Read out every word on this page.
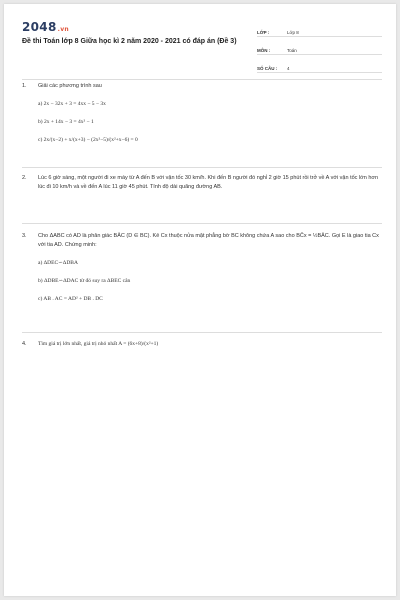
2048.vn
Đề thi Toán lớp 8 Giữa học kì 2 năm 2020 - 2021 có đáp án (Đề 3)
LỚP :	Lớp 8
MÔN :	Toán
SỐ CÂU :	4
1.	Giải các phương trình sau
a) 2x − 32x + 3 = 4xx − 5 − 3x
b) 2x + 14x − 3 = 4x² − 1
c) 2x/(x−2) + x/(x+3) − (2x²−5)/(x²+x−6) = 0
2.	Lúc 6 giờ sáng, một người đi xe máy từ A đến B với vận tốc 30 km/h. Khi đến B người đó nghỉ 2 giờ 15 phút rồi trở về A với vận tốc lớn hơn lúc đi 10 km/h và về đến A lúc 11 giờ 45 phút. Tính độ dài quãng đường AB.
3.	Cho ΔABC có AD là phân giác BÂC (D ∈ BC). Kẻ Cx thuộc nửa mặt phẳng bờ BC không chứa A sao cho BĈx = ½BÂC. Gọi E là giao tia Cx với tia AD. Chứng minh:
a) ΔDEC∽ΔDBA
b) ΔDBE∽ΔDAC từ đó suy ra ΔBEC cân
c) AB . AC = AD² + DB . DC
4.	Tìm giá trị lớn nhất, giá trị nhỏ nhất A = (6x+8)/(x²+1)
